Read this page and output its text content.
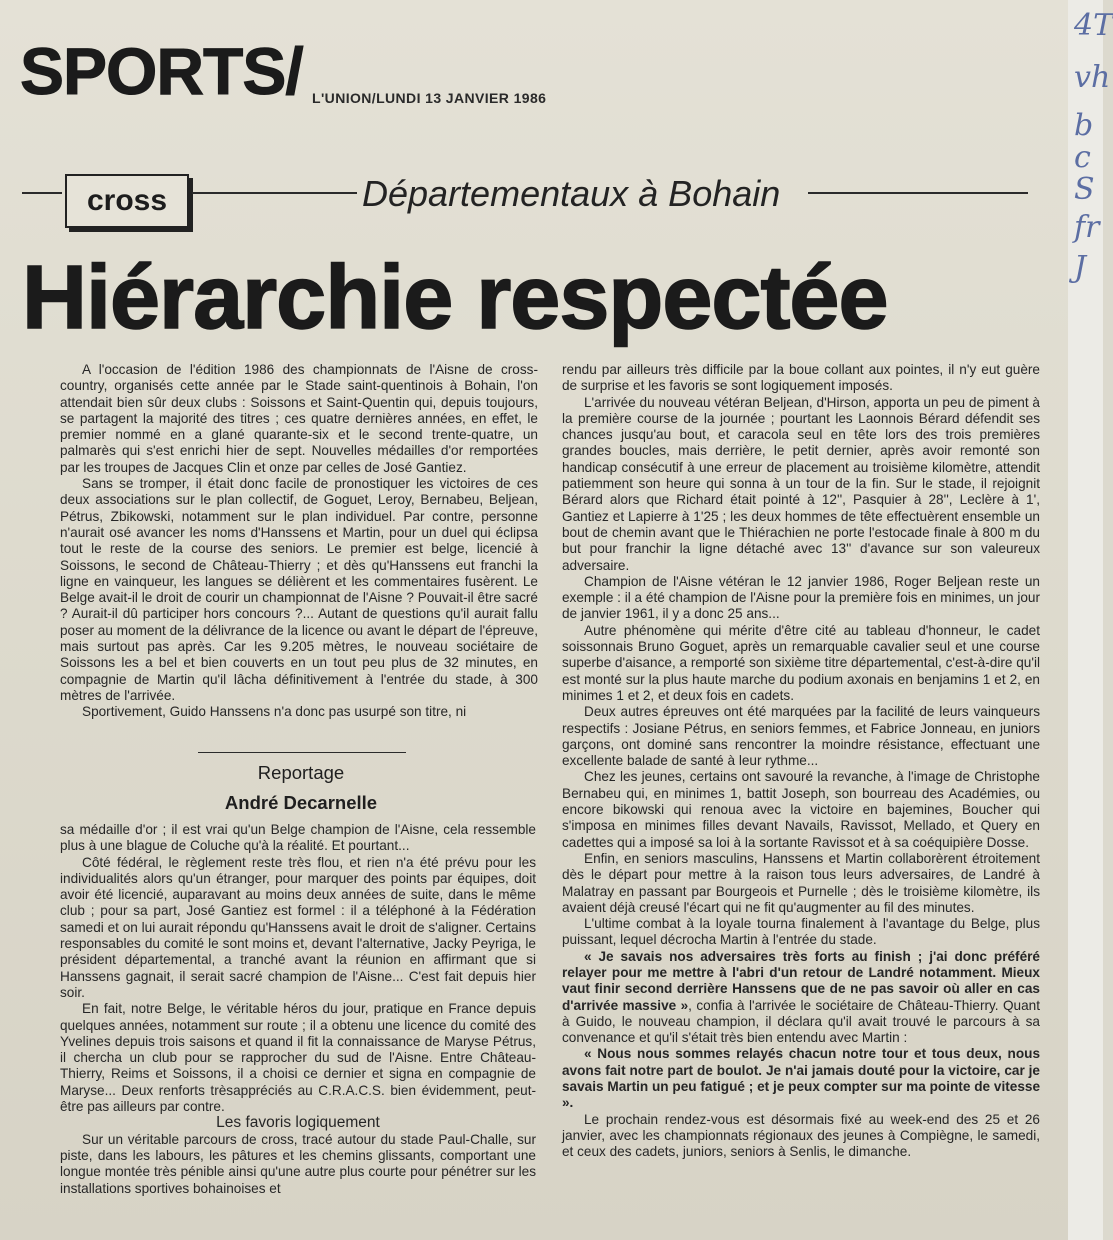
SPORTS/ L'UNION/LUNDI 13 JANVIER 1986
cross	Départementaux à Bohain
Hiérarchie respectée

A l'occasion de l'édition 1986 des championnats de l'Aisne de cross-country, organisés cette année par le Stade saint-quentinois à Bohain, l'on attendait bien sûr deux clubs : Soissons et Saint-Quentin qui, depuis toujours, se partagent la majorité des titres ; ces quatre dernières années, en effet, le premier nommé en a glané quarante-six et le second trente-quatre, un palmarès qui s'est enrichi hier de sept. Nouvelles médailles d'or remportées par les troupes de Jacques Clin et onze par celles de José Gantiez.

Sans se tromper, il était donc facile de pronostiquer les victoires de ces deux associations sur le plan collectif, de Goguet, Leroy, Bernabeu, Beljean, Pétrus, Zbikowski, notamment sur le plan individuel. Par contre, personne n'aurait osé avancer les noms d'Hanssens et Martin, pour un duel qui éclipsa tout le reste de la course des seniors. Le premier est belge, licencié à Soissons, le second de Château-Thierry ; et dès qu'Hanssens eut franchi la ligne en vainqueur, les langues se délièrent et les commentaires fusèrent. Le Belge avait-il le droit de courir un championnat de l'Aisne ? Pouvait-il être sacré ? Aurait-il dû participer hors concours ?... Autant de questions qu'il aurait fallu poser au moment de la délivrance de la licence ou avant le départ de l'épreuve, mais surtout pas après. Car les 9.205 mètres, le nouveau sociétaire de Soissons les a bel et bien couverts en un tout peu plus de 32 minutes, en compagnie de Martin qu'il lâcha définitivement à l'entrée du stade, à 300 mètres de l'arrivée.

Sportivement, Guido Hanssens n'a donc pas usurpé son titre, ni

Reportage
André Decarnelle

sa médaille d'or ; il est vrai qu'un Belge champion de l'Aisne, cela ressemble plus à une blague de Coluche qu'à la réalité. Et pourtant...

Côté fédéral, le règlement reste très flou, et rien n'a été prévu pour les individualités alors qu'un étranger, pour marquer des points par équipes, doit avoir été licencié, auparavant au moins deux années de suite, dans le même club ; pour sa part, José Gantiez est formel : il a téléphoné à la Fédération samedi et on lui aurait répondu qu'Hanssens avait le droit de s'aligner. Certains responsables du comité le sont moins et, devant l'alternative, Jacky Peyriga, le président départemental, a tranché avant la réunion en affirmant que si Hanssens gagnait, il serait sacré champion de l'Aisne... C'est fait depuis hier soir.

En fait, notre Belge, le véritable héros du jour, pratique en France depuis quelques années, notamment sur route ; il a obtenu une licence du comité des Yvelines depuis trois saisons et quand il fit la connaissance de Maryse Pétrus, il chercha un club pour se rapprocher du sud de l'Aisne. Entre Château-Thierry, Reims et Soissons, il a choisi ce dernier et signa en compagnie de Maryse... Deux renforts trèsappréciés au C.R.A.C.S. bien évidemment, peut-être pas ailleurs par contre.

Les favoris logiquement

Sur un véritable parcours de cross, tracé autour du stade Paul-Challe, sur piste, dans les labours, les pâtures et les chemins glissants, comportant une longue montée très pénible ainsi qu'une autre plus courte pour pénétrer sur les installations sportives bohainoises et

rendu par ailleurs très difficile par la boue collant aux pointes, il n'y eut guère de surprise et les favoris se sont logiquement imposés.

L'arrivée du nouveau vétéran Beljean, d'Hirson, apporta un peu de piment à la première course de la journée ; pourtant les Laonnois Bérard défendit ses chances jusqu'au bout, et caracola seul en tête lors des trois premières grandes boucles, mais derrière, le petit dernier, après avoir remonté son handicap consécutif à une erreur de placement au troisième kilomètre, attendit patiemment son heure qui sonna à un tour de la fin. Sur le stade, il rejoignit Bérard alors que Richard était pointé à 12'', Pasquier à 28'', Leclère à 1', Gantiez et Lapierre à 1'25 ; les deux hommes de tête effectuèrent ensemble un bout de chemin avant que le Thiérachien ne porte l'estocade finale à 800 m du but pour franchir la ligne détaché avec 13'' d'avance sur son valeureux adversaire.

Champion de l'Aisne vétéran le 12 janvier 1986, Roger Beljean reste un exemple : il a été champion de l'Aisne pour la première fois en minimes, un jour de janvier 1961, il y a donc 25 ans...

Autre phénomène qui mérite d'être cité au tableau d'honneur, le cadet soissonnais Bruno Goguet, après un remarquable cavalier seul et une course superbe d'aisance, a remporté son sixième titre départemental, c'est-à-dire qu'il est monté sur la plus haute marche du podium axonais en benjamins 1 et 2, en minimes 1 et 2, et deux fois en cadets.

Deux autres épreuves ont été marquées par la facilité de leurs vainqueurs respectifs : Josiane Pétrus, en seniors femmes, et Fabrice Jonneau, en juniors garçons, ont dominé sans rencontrer la moindre résistance, effectuant une excellente balade de santé à leur rythme...

Chez les jeunes, certains ont savouré la revanche, à l'image de Christophe Bernabeu qui, en minimes 1, battit Joseph, son bourreau des Académies, ou encore bikowski qui renoua avec la victoire en bajemines, Boucher qui s'imposa en minimes filles devant Navails, Ravissot, Mellado, et Query en cadettes qui a imposé sa loi à la sortante Ravissot et à sa coéquipière Dosse.

Enfin, en seniors masculins, Hanssens et Martin collaborèrent étroitement dès le départ pour mettre à la raison tous leurs adversaires, de Landré à Malatray en passant par Bourgeois et Purnelle ; dès le troisième kilomètre, ils avaient déjà creusé l'écart qui ne fit qu'augmenter au fil des minutes.

L'ultime combat à la loyale tourna finalement à l'avantage du Belge, plus puissant, lequel décrocha Martin à l'entrée du stade.

« Je savais nos adversaires très forts au finish ; j'ai donc préféré relayer pour me mettre à l'abri d'un retour de Landré notamment. Mieux vaut finir second derrière Hanssens que de ne pas savoir où aller en cas d'arrivée massive », confia à l'arrivée le sociétaire de Château-Thierry. Quant à Guido, le nouveau champion, il déclara qu'il avait trouvé le parcours à sa convenance et qu'il s'était très bien entendu avec Martin :

« Nous nous sommes relayés chacun notre tour et tous deux, nous avons fait notre part de boulot. Je n'ai jamais douté pour la victoire, car je savais Martin un peu fatigué ; et je peux compter sur ma pointe de vitesse ».

Le prochain rendez-vous est désormais fixé au week-end des 25 et 26 janvier, avec les championnats régionaux des jeunes à Compiègne, le samedi, et ceux des cadets, juniors, seniors à Senlis, le dimanche.

4T
vh
b
c
S
fr
J
